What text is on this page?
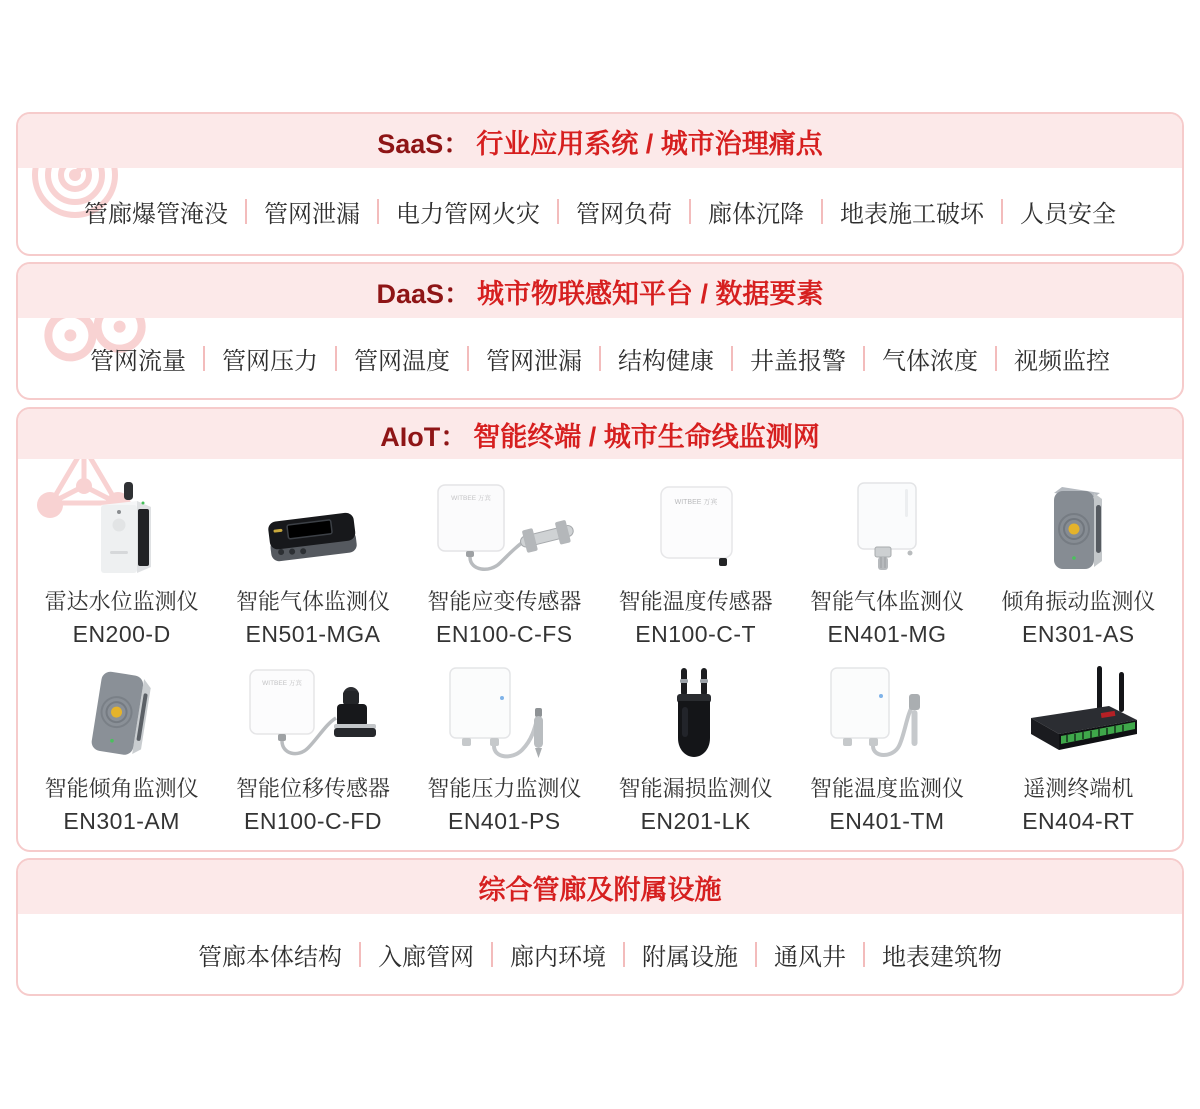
SaaS： 行业应用系统 / 城市治理痛点
管廊爆管淹没 管网泄漏 电力管网火灾 管网负荷 廊体沉降 地表施工破坏 人员安全
DaaS： 城市物联感知平台 / 数据要素
管网流量 管网压力 管网温度 管网泄漏 结构健康 井盖报警 气体浓度 视频监控
AIoT： 智能终端 / 城市生命线监测网
雷达水位监测仪
EN200-D
智能气体监测仪
EN501-MGA
WITBEE 万宾
智能应变传感器
EN100-C-FS
WITBEE 万宾
智能温度传感器
EN100-C-T
智能气体监测仪
EN401-MG
倾角振动监测仪
EN301-AS
智能倾角监测仪
EN301-AM
WITBEE 万宾
智能位移传感器
EN100-C-FD
智能压力监测仪
EN401-PS
智能漏损监测仪
EN201-LK
智能温度监测仪
EN401-TM
遥测终端机
EN404-RT
综合管廊及附属设施
管廊本体结构 入廊管网 廊内环境 附属设施 通风井 地表建筑物
